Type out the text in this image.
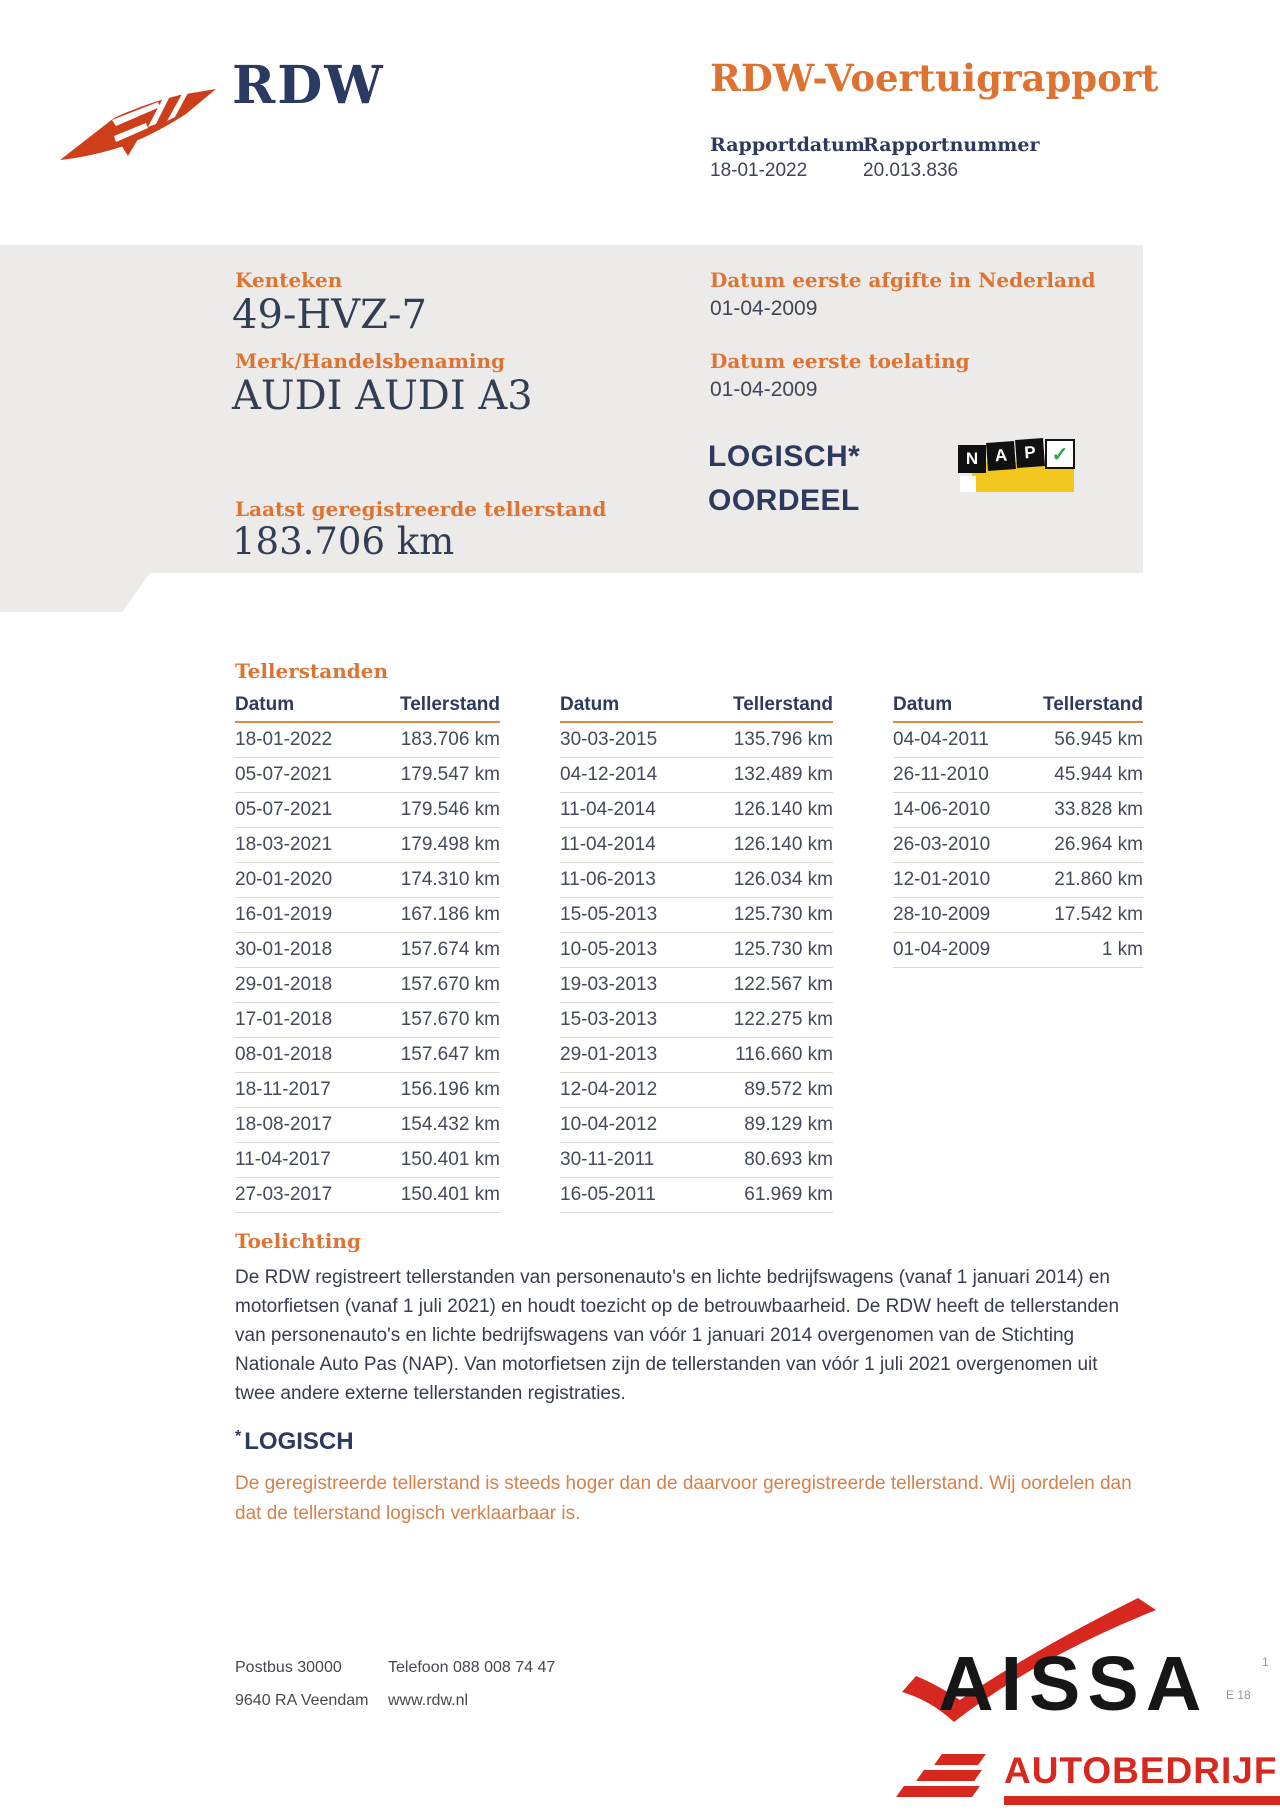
RDW	RDW-Voertuigrapport
Rapportdatum
Rapportnummer
18-01-2022	20.013.836
Kenteken
49-HVZ-7
Merk/Handelsbenaming
AUDI AUDI A3
Datum eerste afgifte in Nederland
01-04-2009
Datum eerste toelating
01-04-2009
LOGISCH*
OORDEEL
Laatst geregistreerde tellerstand
183.706 km
N A P ✓
Tellerstanden
Datum	Tellerstand
18-01-2022	183.706 km
05-07-2021	179.547 km
05-07-2021	179.546 km
18-03-2021	179.498 km
20-01-2020	174.310 km
16-01-2019	167.186 km
30-01-2018	157.674 km
29-01-2018	157.670 km
17-01-2018	157.670 km
08-01-2018	157.647 km
18-11-2017	156.196 km
18-08-2017	154.432 km
11-04-2017	150.401 km
27-03-2017	150.401 km
Datum	Tellerstand
30-03-2015	135.796 km
04-12-2014	132.489 km
11-04-2014	126.140 km
11-04-2014	126.140 km
11-06-2013	126.034 km
15-05-2013	125.730 km
10-05-2013	125.730 km
19-03-2013	122.567 km
15-03-2013	122.275 km
29-01-2013	116.660 km
12-04-2012	89.572 km
10-04-2012	89.129 km
30-11-2011	80.693 km
16-05-2011	61.969 km
Datum	Tellerstand
04-04-2011	56.945 km
26-11-2010	45.944 km
14-06-2010	33.828 km
26-03-2010	26.964 km
12-01-2010	21.860 km
28-10-2009	17.542 km
01-04-2009	1 km
Toelichting
De RDW registreert tellerstanden van personenauto's en lichte bedrijfswagens (vanaf 1 januari 2014) en
motorfietsen (vanaf 1 juli 2021) en houdt toezicht op de betrouwbaarheid. De RDW heeft de tellerstanden
van personenauto's en lichte bedrijfswagens van vóór 1 januari 2014 overgenomen van de Stichting
Nationale Auto Pas (NAP). Van motorfietsen zijn de tellerstanden van vóór 1 juli 2021 overgenomen uit
twee andere externe tellerstanden registraties.
* LOGISCH
De geregistreerde tellerstand is steeds hoger dan de daarvoor geregistreerde tellerstand. Wij oordelen dan
dat de tellerstand logisch verklaarbaar is.
Postbus 30000
9640 RA Veendam
Telefoon 088 008 74 47
www.rdw.nl
1
E 18
AISSA
AUTOBEDRIJF
